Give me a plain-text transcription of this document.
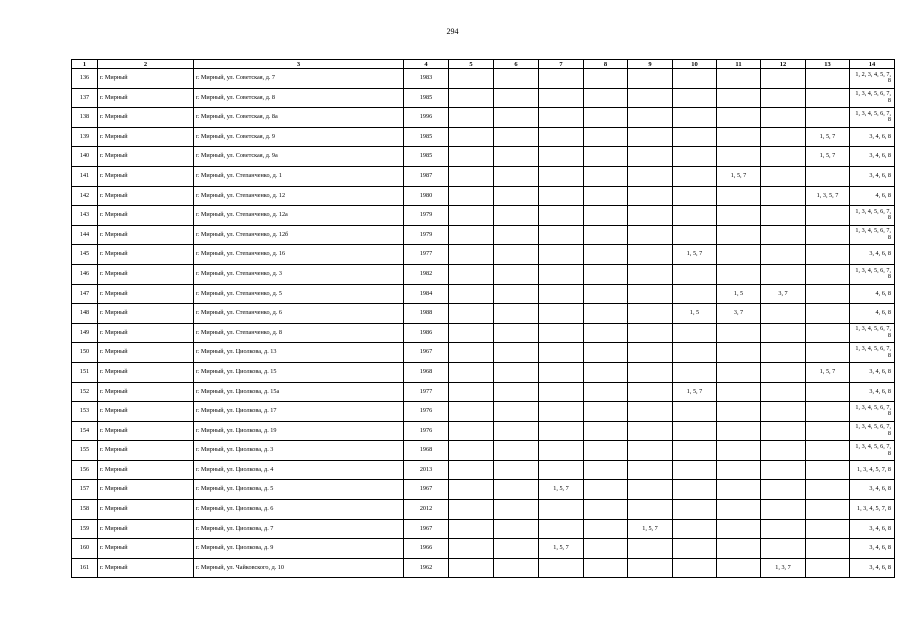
294
1	2	3	4	5	6	7	8	9	10	11	12	13	14
136	г. Мирный	г. Мирный, ул. Советская, д. 7	1983										1, 2, 3, 4, 5, 7, 8
137	г. Мирный	г. Мирный, ул. Советская, д. 8	1985										1, 3, 4, 5, 6, 7, 8
138	г. Мирный	г. Мирный, ул. Советская, д. 8а	1996										1, 3, 4, 5, 6, 7, 8
139	г. Мирный	г. Мирный, ул. Советская, д. 9	1985									1, 5, 7	3, 4, 6, 8
140	г. Мирный	г. Мирный, ул. Советская, д. 9а	1985									1, 5, 7	3, 4, 6, 8
141	г. Мирный	г. Мирный, ул. Степанченко, д. 1	1987							1, 5, 7			3, 4, 6, 8
142	г. Мирный	г. Мирный, ул. Степанченко, д. 12	1980									1, 3, 5, 7	4, 6, 8
143	г. Мирный	г. Мирный, ул. Степанченко, д. 12а	1979										1, 3, 4, 5, 6, 7, 8
144	г. Мирный	г. Мирный, ул. Степанченко, д. 12б	1979										1, 3, 4, 5, 6, 7, 8
145	г. Мирный	г. Мирный, ул. Степанченко, д. 16	1977						1, 5, 7				3, 4, 6, 8
146	г. Мирный	г. Мирный, ул. Степанченко, д. 3	1982										1, 3, 4, 5, 6, 7, 8
147	г. Мирный	г. Мирный, ул. Степанченко, д. 5	1984							1, 5	3, 7		4, 6, 8
148	г. Мирный	г. Мирный, ул. Степанченко, д. 6	1988						1, 5	3, 7			4, 6, 8
149	г. Мирный	г. Мирный, ул. Степанченко, д. 8	1986										1, 3, 4, 5, 6, 7, 8
150	г. Мирный	г. Мирный, ул. Циолкова, д. 13	1967										1, 3, 4, 5, 6, 7, 8
151	г. Мирный	г. Мирный, ул. Циолкова, д. 15	1968									1, 5, 7	3, 4, 6, 8
152	г. Мирный	г. Мирный, ул. Циолкова, д. 15а	1977						1, 5, 7				3, 4, 6, 8
153	г. Мирный	г. Мирный, ул. Циолкова, д. 17	1976										1, 3, 4, 5, 6, 7, 8
154	г. Мирный	г. Мирный, ул. Циолкова, д. 19	1976										1, 3, 4, 5, 6, 7, 8
155	г. Мирный	г. Мирный, ул. Циолкова, д. 3	1968										1, 3, 4, 5, 6, 7, 8
156	г. Мирный	г. Мирный, ул. Циолкова, д. 4	2013										1, 3, 4, 5, 7, 8
157	г. Мирный	г. Мирный, ул. Циолкова, д. 5	1967			1, 5, 7							3, 4, 6, 8
158	г. Мирный	г. Мирный, ул. Циолкова, д. 6	2012										1, 3, 4, 5, 7, 8
159	г. Мирный	г. Мирный, ул. Циолкова, д. 7	1967					1, 5, 7					3, 4, 6, 8
160	г. Мирный	г. Мирный, ул. Циолкова, д. 9	1966			1, 5, 7							3, 4, 6, 8
161	г. Мирный	г. Мирный, ул. Чайковского, д. 10	1962								1, 3, 7		3, 4, 6, 8
